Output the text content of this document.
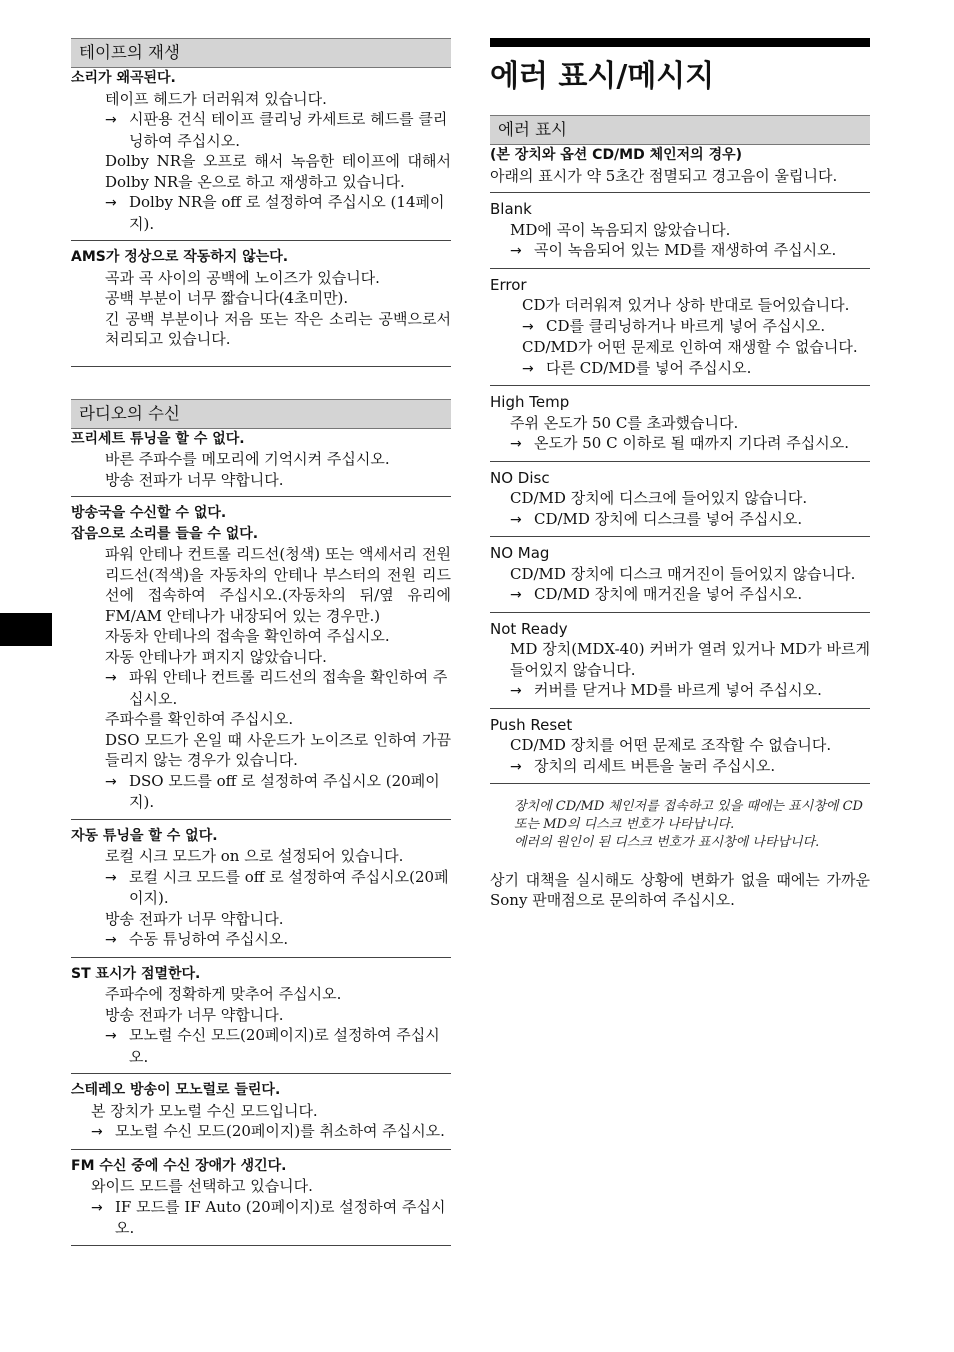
테이프의 재생
소리가 왜곡된다.
테이프 헤드가 더러워져 있습니다.
→ 시판용 건식 테이프 클리닝 카세트로 헤드를 클리닝하여 주십시오.
Dolby NR을 오프로 해서 녹음한 테이프에 대해서 Dolby NR을 온으로 하고 재생하고 있습니다.
→ Dolby NR을 off 로 설정하여 주십시오 (14페이지).
AMS가 정상으로 작동하지 않는다.
곡과 곡 사이의 공백에 노이즈가 있습니다.
공백 부분이 너무 짧습니다(4초미만).
긴 공백 부분이나 저음 또는 작은 소리는 공백으로서 처리되고 있습니다.
라디오의 수신
프리세트 튜닝을 할 수 없다.
바른 주파수를 메모리에 기억시켜 주십시오.
방송 전파가 너무 약합니다.
방송국을 수신할 수 없다.
잡음으로 소리를 들을 수 없다.
파워 안테나 컨트롤 리드선(청색) 또는 액세서리 전원 리드선(적색)을 자동차의 안테나 부스터의 전원 리드선에 접속하여 주십시오.(자동차의 뒤/옆 유리에 FM/AM 안테나가 내장되어 있는 경우만.)
자동차 안테나의 접속을 확인하여 주십시오.
자동 안테나가 펴지지 않았습니다.
→ 파워 안테나 컨트롤 리드선의 접속을 확인하여 주십시오.
주파수를 확인하여 주십시오.
DSO 모드가 온일 때 사운드가 노이즈로 인하여 가끔 들리지 않는 경우가 있습니다.
→ DSO 모드를 off 로 설정하여 주십시오 (20페이지).
자동 튜닝을 할 수 없다.
로컬 시크 모드가 on 으로 설정되어 있습니다.
→ 로컬 시크 모드를 off 로 설정하여 주십시오(20페이지).
방송 전파가 너무 약합니다.
→ 수동 튜닝하여 주십시오.
ST 표시가 점멸한다.
주파수에 정확하게 맞추어 주십시오.
방송 전파가 너무 약합니다.
→ 모노럴 수신 모드(20페이지)로 설정하여 주십시오.
스테레오 방송이 모노럴로 들린다.
본 장치가 모노럴 수신 모드입니다.
→ 모노럴 수신 모드(20페이지)를 취소하여 주십시오.
FM 수신 중에 수신 장애가 생긴다.
와이드 모드를 선택하고 있습니다.
→ IF 모드를 IF Auto (20페이지)로 설정하여 주십시오.
에러 표시/메시지
에러 표시
(본 장치와 옵션 CD/MD 체인저의 경우)
아래의 표시가 약 5초간 점멸되고 경고음이 울립니다.
Blank
MD에 곡이 녹음되지 않았습니다.
→ 곡이 녹음되어 있는 MD를 재생하여 주십시오.
Error
CD가 더러워져 있거나 상하 반대로 들어있습니다.
→ CD를 클리닝하거나 바르게 넣어 주십시오.
CD/MD가 어떤 문제로 인하여 재생할 수 없습니다.
→ 다른 CD/MD를 넣어 주십시오.
High Temp
주위 온도가 50 C를 초과했습니다.
→ 온도가 50 C 이하로 될 때까지 기다려 주십시오.
NO Disc
CD/MD 장치에 디스크에 들어있지 않습니다.
→ CD/MD 장치에 디스크를 넣어 주십시오.
NO Mag
CD/MD 장치에 디스크 매거진이 들어있지 않습니다.
→ CD/MD 장치에 매거진을 넣어 주십시오.
Not Ready
MD 장치(MDX-40) 커버가 열려 있거나 MD가 바르게 들어있지 않습니다.
→ 커버를 닫거나 MD를 바르게 넣어 주십시오.
Push Reset
CD/MD 장치를 어떤 문제로 조작할 수 없습니다.
→ 장치의 리세트 버튼을 눌러 주십시오.
장치에 CD/MD 체인저를 접속하고 있을 때에는 표시창에 CD 또는 MD의 디스크 번호가 나타납니다.
에러의 원인이 된 디스크 번호가 표시창에 나타납니다.
상기 대책을 실시해도 상황에 변화가 없을 때에는 가까운 Sony 판매점으로 문의하여 주십시오.
